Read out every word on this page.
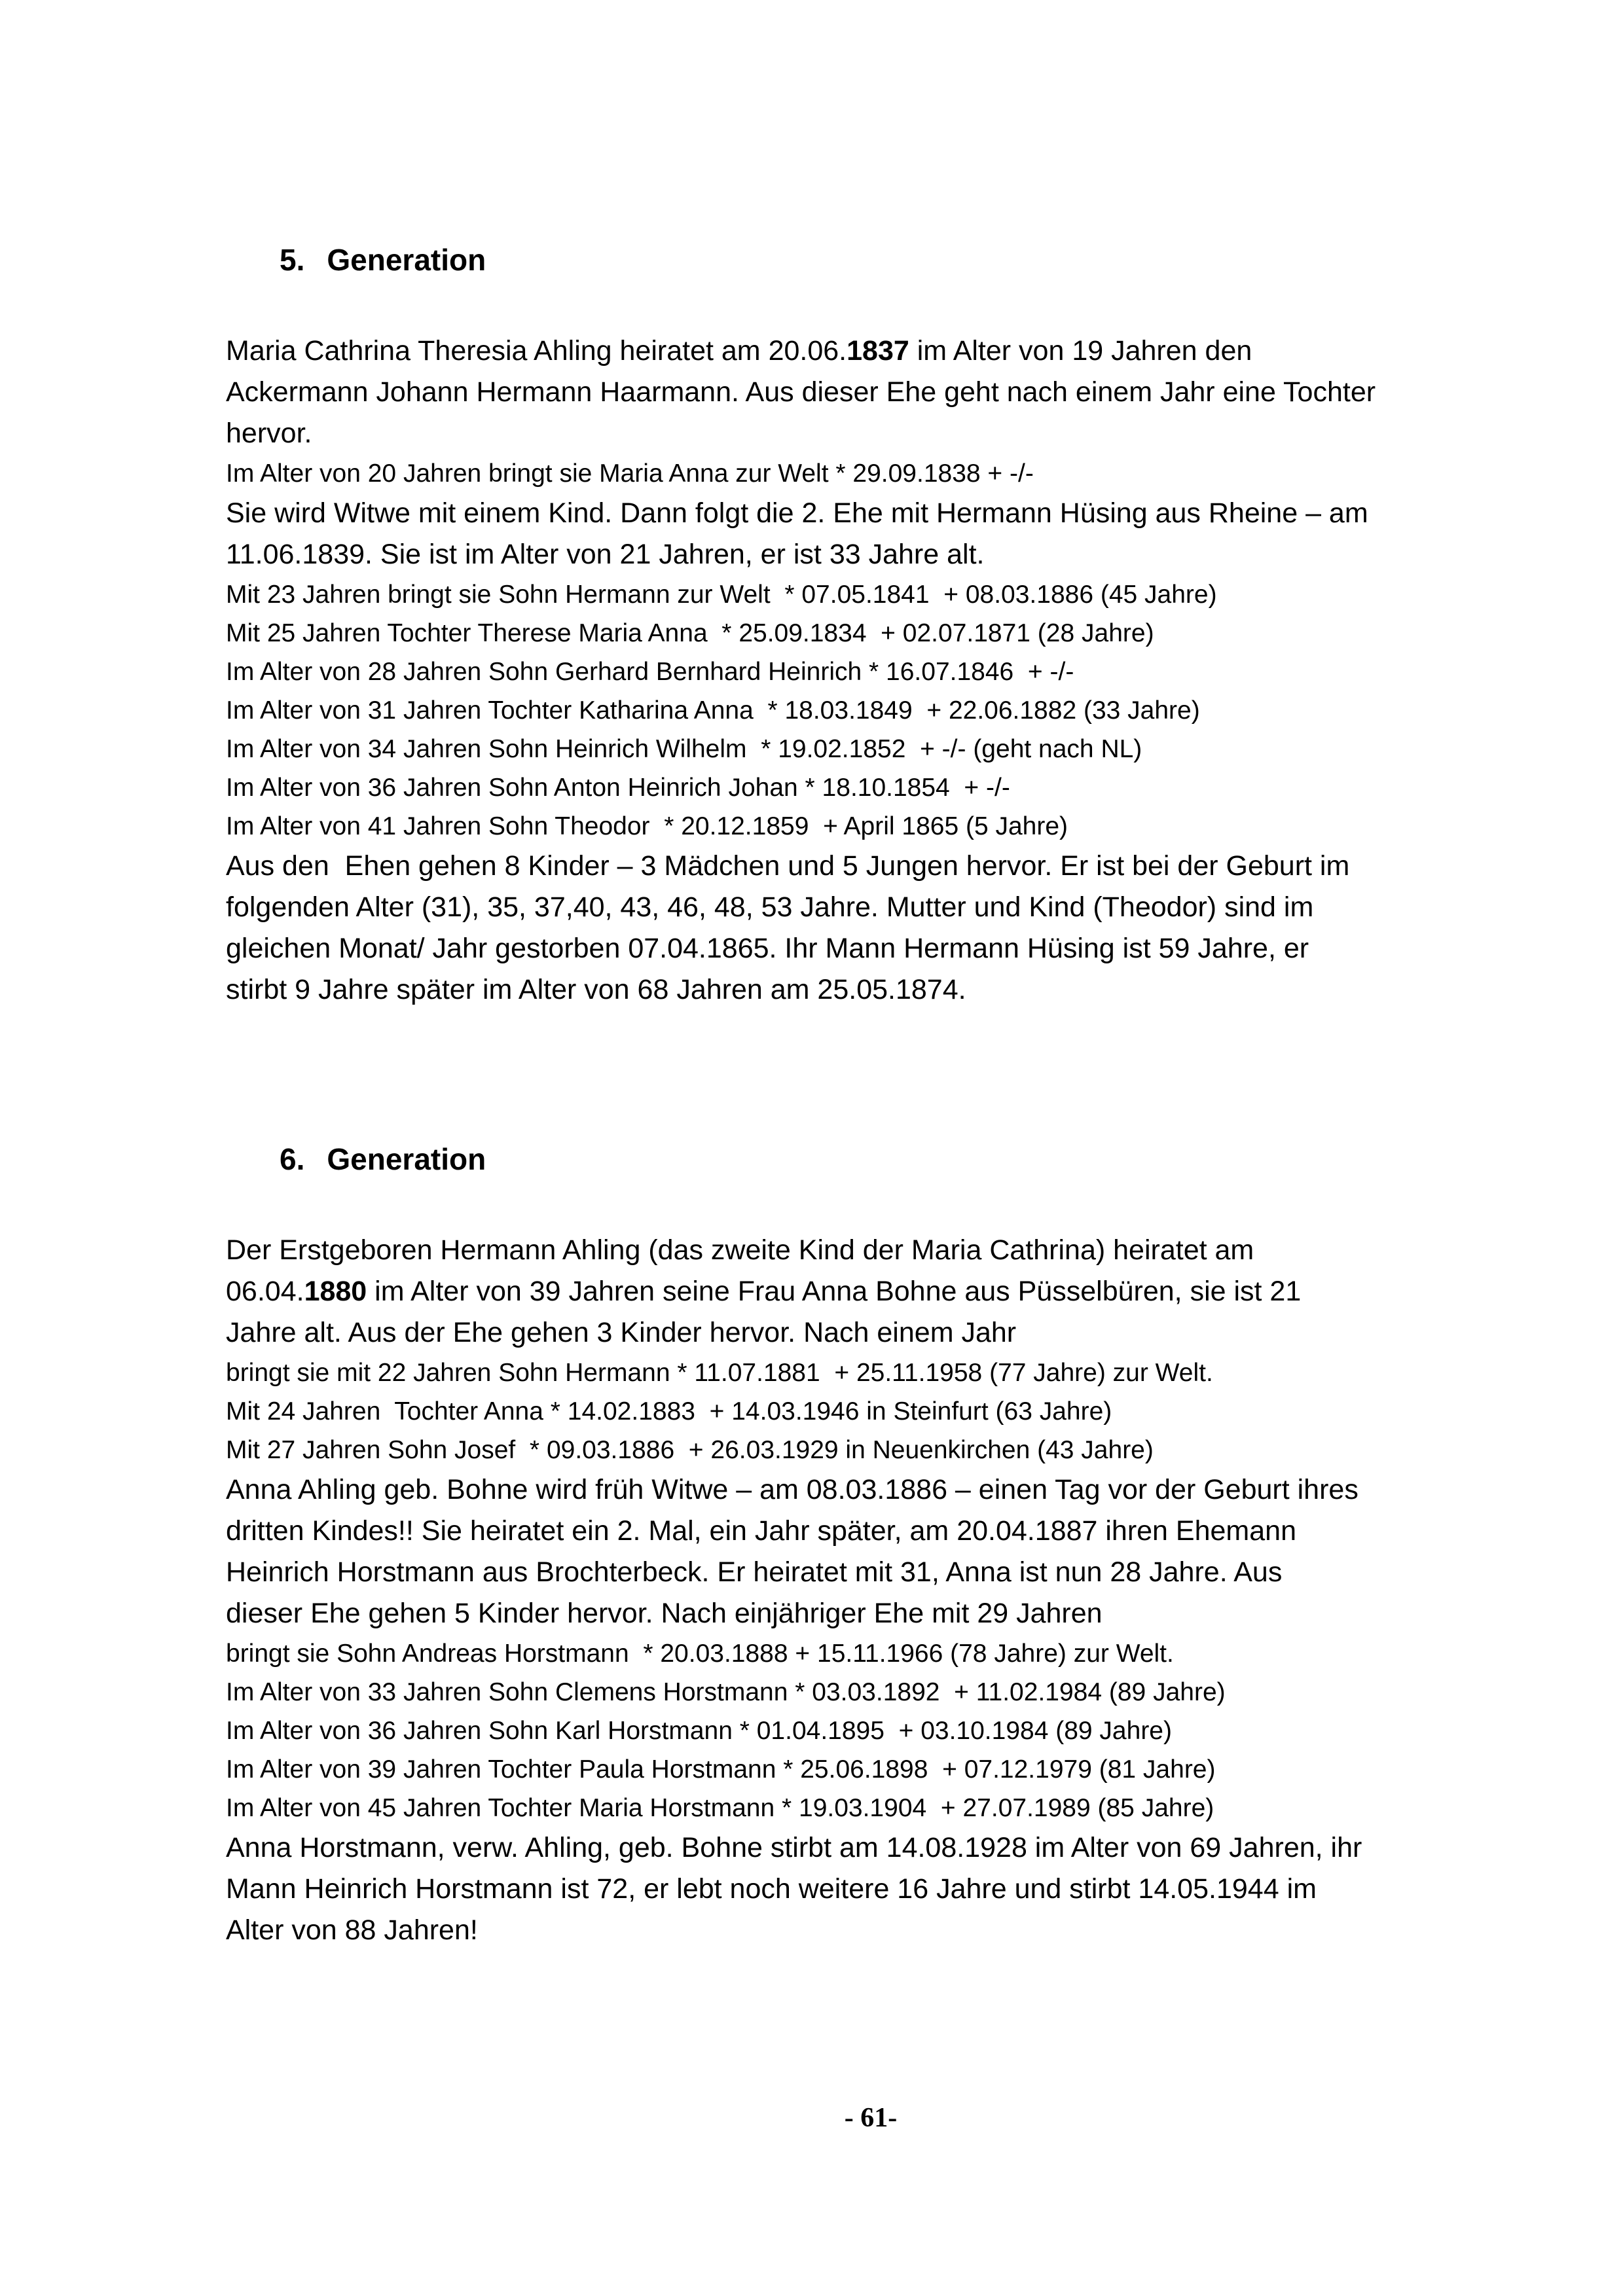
5. Generation
Maria Cathrina Theresia Ahling heiratet am 20.06.1837 im Alter von 19 Jahren den
Ackermann Johann Hermann Haarmann. Aus dieser Ehe geht nach einem Jahr eine Tochter
hervor.
Im Alter von 20 Jahren bringt sie Maria Anna zur Welt * 29.09.1838 + -/-
Sie wird Witwe mit einem Kind. Dann folgt die 2. Ehe mit Hermann Hüsing aus Rheine – am
11.06.1839. Sie ist im Alter von 21 Jahren, er ist 33 Jahre alt.
Mit 23 Jahren bringt sie Sohn Hermann zur Welt  * 07.05.1841  + 08.03.1886 (45 Jahre)
Mit 25 Jahren Tochter Therese Maria Anna  * 25.09.1834  + 02.07.1871 (28 Jahre)
Im Alter von 28 Jahren Sohn Gerhard Bernhard Heinrich * 16.07.1846  + -/-
Im Alter von 31 Jahren Tochter Katharina Anna  * 18.03.1849  + 22.06.1882 (33 Jahre)
Im Alter von 34 Jahren Sohn Heinrich Wilhelm  * 19.02.1852  + -/- (geht nach NL)
Im Alter von 36 Jahren Sohn Anton Heinrich Johan * 18.10.1854  + -/-
Im Alter von 41 Jahren Sohn Theodor  * 20.12.1859  + April 1865 (5 Jahre)
Aus den  Ehen gehen 8 Kinder – 3 Mädchen und 5 Jungen hervor. Er ist bei der Geburt im
folgenden Alter (31), 35, 37,40, 43, 46, 48, 53 Jahre. Mutter und Kind (Theodor) sind im
gleichen Monat/ Jahr gestorben 07.04.1865. Ihr Mann Hermann Hüsing ist 59 Jahre, er
stirbt 9 Jahre später im Alter von 68 Jahren am 25.05.1874.
6. Generation
Der Erstgeboren Hermann Ahling (das zweite Kind der Maria Cathrina) heiratet am
06.04.1880 im Alter von 39 Jahren seine Frau Anna Bohne aus Püsselbüren, sie ist 21
Jahre alt. Aus der Ehe gehen 3 Kinder hervor. Nach einem Jahr
bringt sie mit 22 Jahren Sohn Hermann * 11.07.1881  + 25.11.1958 (77 Jahre) zur Welt.
Mit 24 Jahren  Tochter Anna * 14.02.1883  + 14.03.1946 in Steinfurt (63 Jahre)
Mit 27 Jahren Sohn Josef  * 09.03.1886  + 26.03.1929 in Neuenkirchen (43 Jahre)
Anna Ahling geb. Bohne wird früh Witwe – am 08.03.1886 – einen Tag vor der Geburt ihres
dritten Kindes!! Sie heiratet ein 2. Mal, ein Jahr später, am 20.04.1887 ihren Ehemann
Heinrich Horstmann aus Brochterbeck. Er heiratet mit 31, Anna ist nun 28 Jahre. Aus
dieser Ehe gehen 5 Kinder hervor. Nach einjähriger Ehe mit 29 Jahren
bringt sie Sohn Andreas Horstmann  * 20.03.1888 + 15.11.1966 (78 Jahre) zur Welt.
Im Alter von 33 Jahren Sohn Clemens Horstmann * 03.03.1892  + 11.02.1984 (89 Jahre)
Im Alter von 36 Jahren Sohn Karl Horstmann * 01.04.1895  + 03.10.1984 (89 Jahre)
Im Alter von 39 Jahren Tochter Paula Horstmann * 25.06.1898  + 07.12.1979 (81 Jahre)
Im Alter von 45 Jahren Tochter Maria Horstmann * 19.03.1904  + 27.07.1989 (85 Jahre)
Anna Horstmann, verw. Ahling, geb. Bohne stirbt am 14.08.1928 im Alter von 69 Jahren, ihr
Mann Heinrich Horstmann ist 72, er lebt noch weitere 16 Jahre und stirbt 14.05.1944 im
Alter von 88 Jahren!
- 61-
